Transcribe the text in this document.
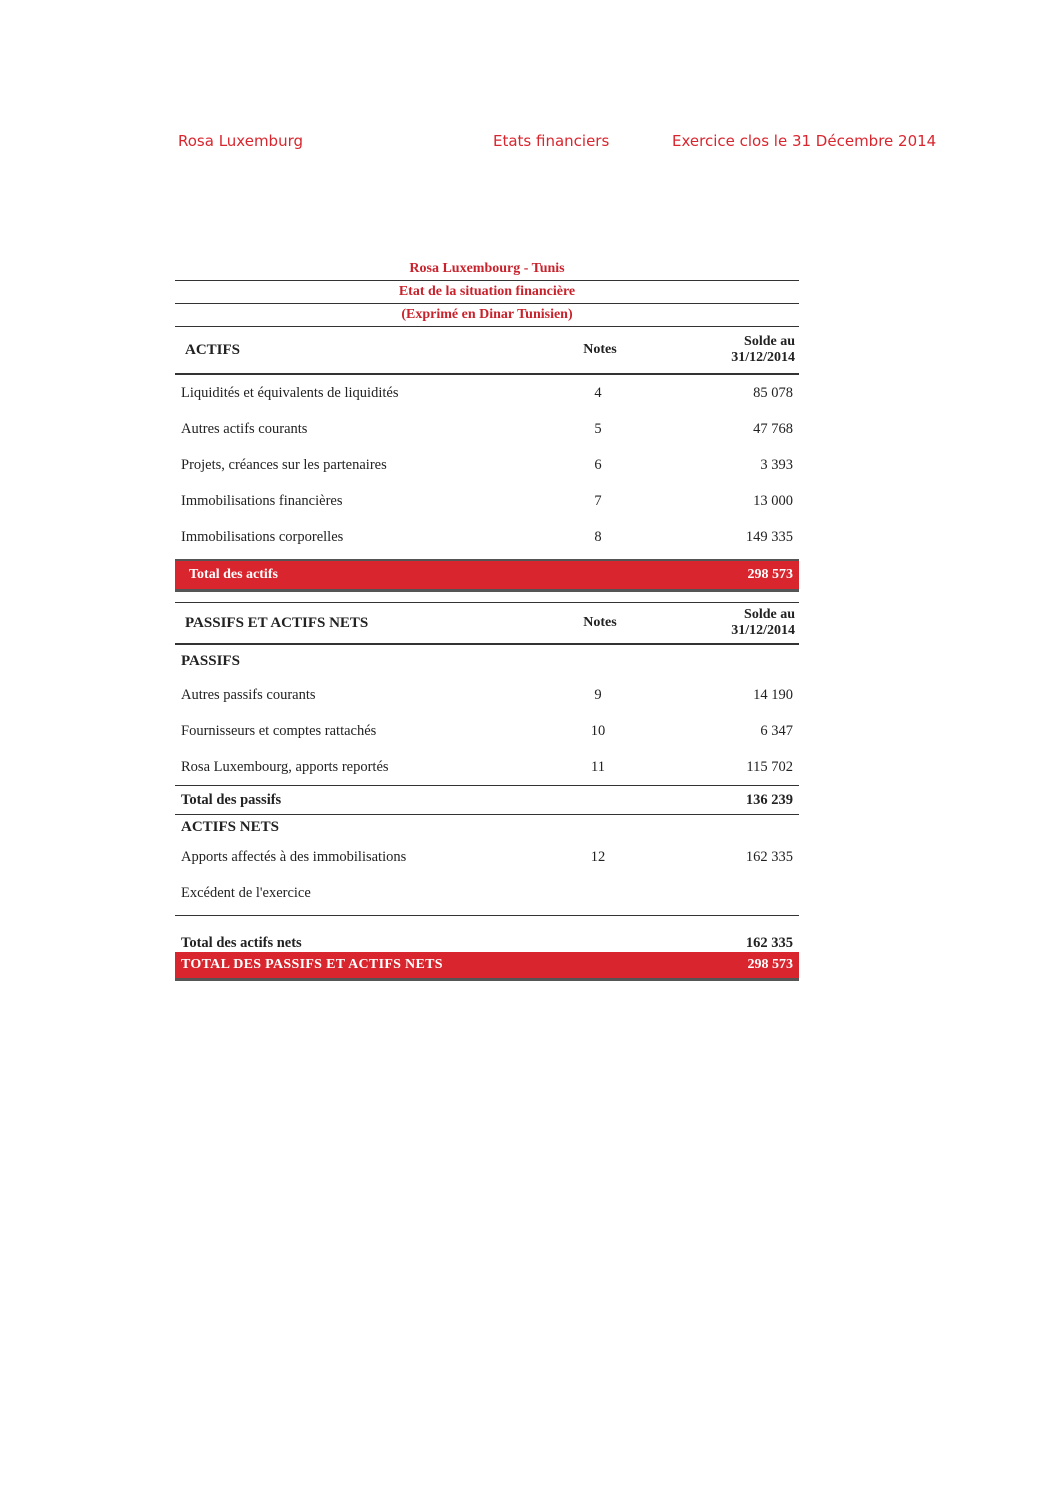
Rosa Luxemburg	Etats financiers	Exercice clos le 31 Décembre 2014
Rosa Luxembourg - Tunis
Etat de la situation financière
(Exprimé en Dinar Tunisien)
ACTIFS	Notes
Solde au
31/12/2014
Liquidités et équivalents de liquidités	4	85 078
Autres actifs courants	5	47 768
Projets, créances sur les partenaires	6	3 393
Immobilisations financières	7	13 000
Immobilisations corporelles	8	149 335
Total des actifs	298 573
PASSIFS ET ACTIFS NETS	Notes
Solde au
31/12/2014
PASSIFS
Autres passifs courants	9	14 190
Fournisseurs et comptes rattachés	10	6 347
Rosa Luxembourg, apports reportés	11	115 702
Total des passifs	136 239
ACTIFS NETS
Apports affectés à des immobilisations	12	162 335
Excédent de l'exercice
Total des actifs nets	162 335
TOTAL DES PASSIFS ET ACTIFS NETS	298 573
